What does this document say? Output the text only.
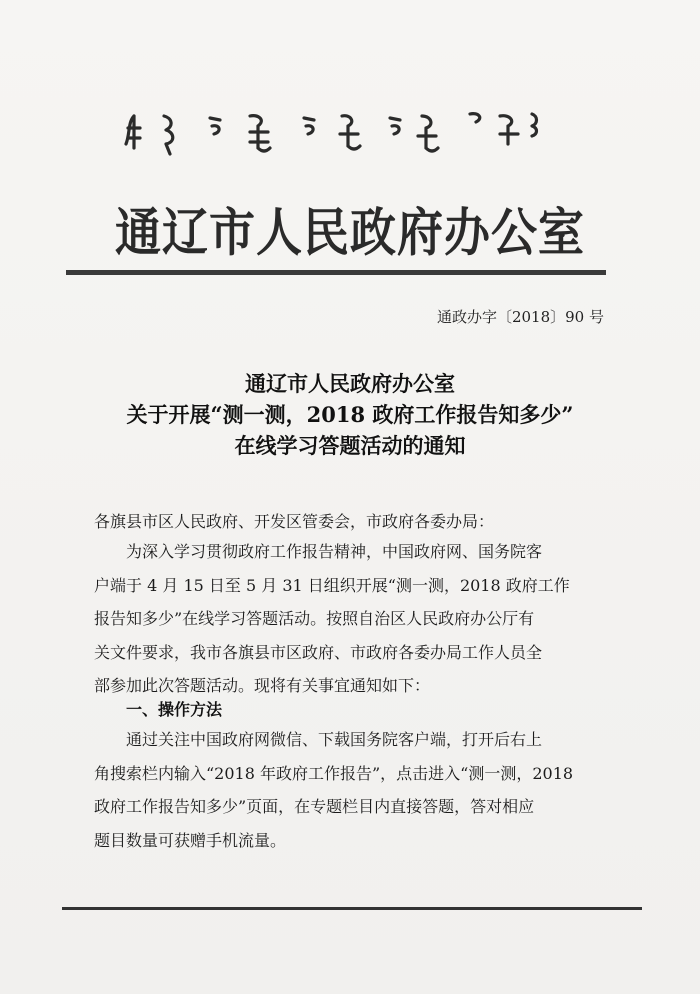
通辽市人民政府办公室
通政办字〔2018〕90 号
通辽市人民政府办公室
关于开展“测一测，2018 政府工作报告知多少”
在线学习答题活动的通知
各旗县市区人民政府、开发区管委会，市政府各委办局：
　　为深入学习贯彻政府工作报告精神，中国政府网、国务院客
户端于 4 月 15 日至 5 月 31 日组织开展“测一测，2018 政府工作
报告知多少”在线学习答题活动。按照自治区人民政府办公厅有
关文件要求，我市各旗县市区政府、市政府各委办局工作人员全
部参加此次答题活动。现将有关事宜通知如下：
一、操作方法
　　通过关注中国政府网微信、下载国务院客户端，打开后右上
角搜索栏内输入“2018 年政府工作报告”，点击进入“测一测，2018
政府工作报告知多少”页面，在专题栏目内直接答题，答对相应
题目数量可获赠手机流量。
